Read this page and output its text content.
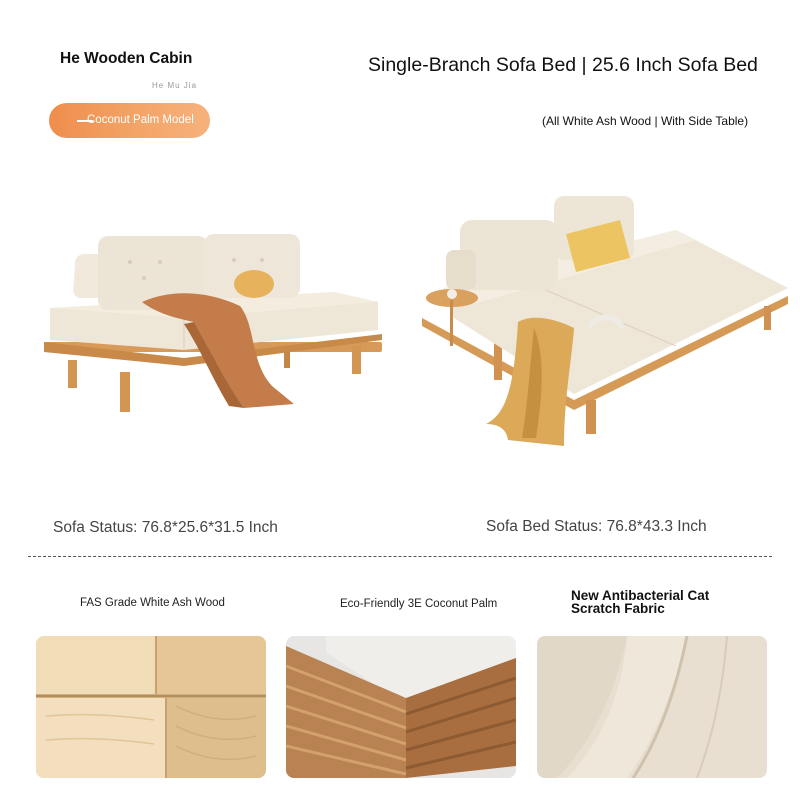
He Wooden Cabin
He Mu Jia
Coconut Palm Model
Single-Branch Sofa Bed | 25.6 Inch Sofa Bed
(All White Ash Wood | With Side Table)
Sofa Status: 76.8*25.6*31.5 Inch	Sofa Bed Status: 76.8*43.3 Inch
FAS Grade White Ash Wood	Eco-Friendly 3E Coconut Palm
New Antibacterial Cat Scratch Fabric
